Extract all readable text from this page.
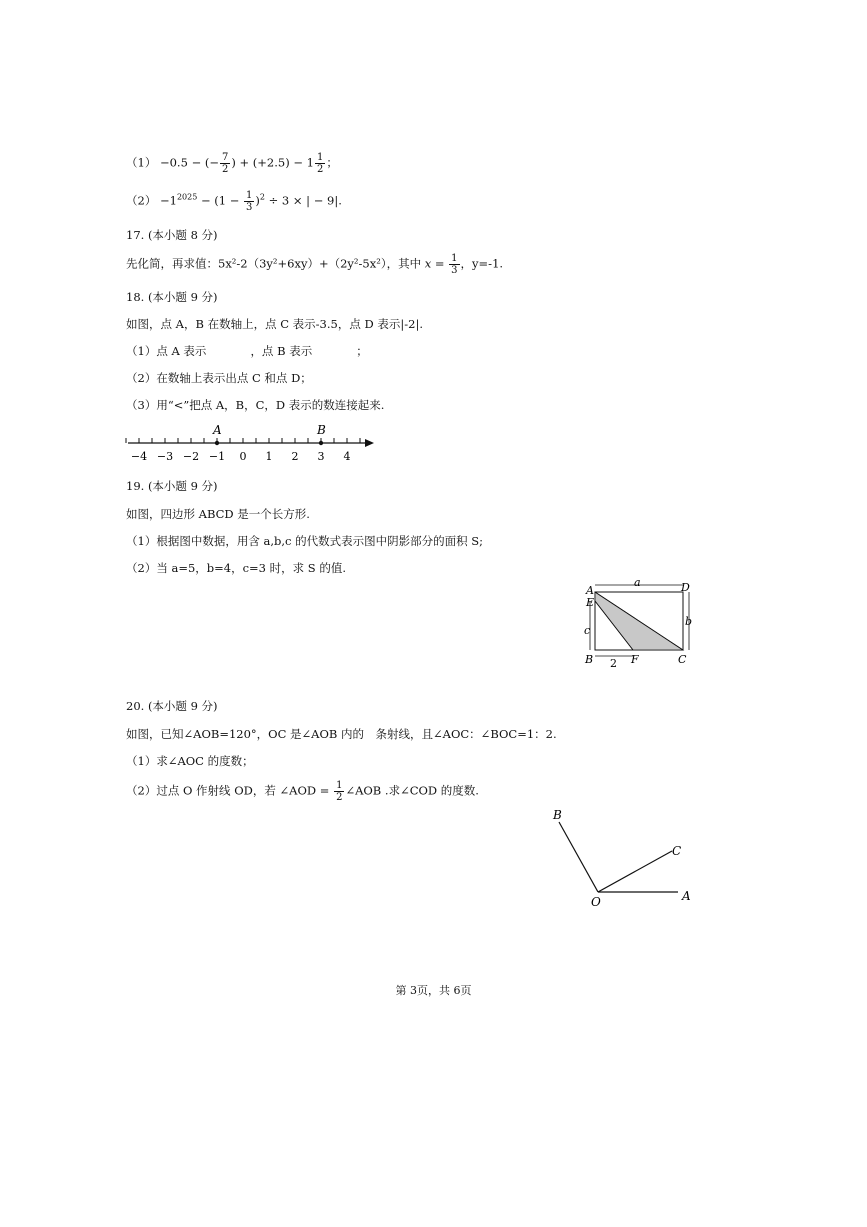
（1） −0.5 − (− $\frac{7}{2}$ ) + $(+2.5) - 1 \frac{1}{2}$ ；
$(2) -1^{2025} - (1 - \frac{1}{3} )^2 \div 3$ × | − 9|.
17. (本小题 8 分)
先化简，再求值：5x²-2（3y²+6xy）+（2y²-5x²），其中 $x = \frac{1}{3}$ ，y=-1.
18. (本小题 9 分)
如图，点 A，B 在数轴上，点 C 表示-3.5，点 D 表示|-2|.
（1）点 A 表示	，点 B 表示	；
（2）在数轴上表示出点 C 和点 D；
（3）用“<”把点 A，B，C，D 表示的数连接起来.
A	B
−4 −3 −2 −1 0 1 2 3 4
19. (本小题 9 分)
如图，四边形 ABCD 是一个长方形.
（1）根据图中数据，用含 a,b,c 的代数式表示图中阴影部分的面积 S;
（2）当 a=5，b=4，c=3 时，求 S 的值.
A	D
E
B	F	C
a
b
c
2
20. (本小题 9 分)
如图，已知∠AOB=120°，OC 是∠AOB 内的　条射线，且∠AOC：∠BOC=1：2.
（1）求∠AOC 的度数；
（2）过点 O 作射线 OD，若 ∠AOD = $\frac{1}{2}$ ∠AOB .求∠COD 的度数.
B
C
O	A
第 3页，共 6页
